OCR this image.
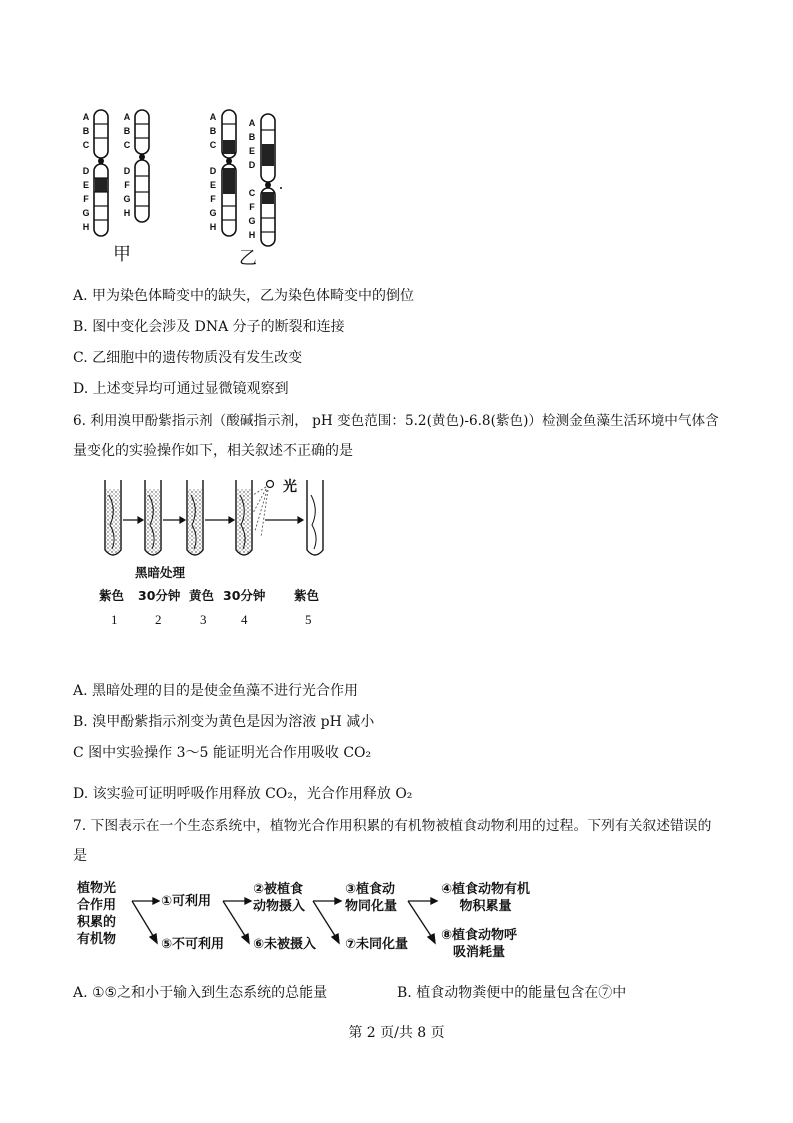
A
B
C
D
E
F
G
H
A
B
C
D
F
G
H
A
B
C
D
E
F
G
H
A
B
E
D
C
F
G
H
甲	乙
A. 甲为染色体畸变中的缺失，乙为染色体畸变中的倒位
B. 图中变化会涉及 DNA 分子的断裂和连接
C. 乙细胞中的遗传物质没有发生改变
D. 上述变异均可通过显微镜观察到
6. 利用溴甲酚紫指示剂（酸碱指示剂， pH 变色范围：5.2(黄色)-6.8(紫色)）检测金鱼藻生活环境中气体含
量变化的实验操作如下，相关叙述不正确的是
光
黑暗处理
紫色 30分钟 黄色 30分钟 紫色
1	2	3	4	5
A. 黑暗处理的目的是使金鱼藻不进行光合作用
B. 溴甲酚紫指示剂变为黄色是因为溶液 pH 减小
C 图中实验操作 3～5 能证明光合作用吸收 CO₂
D. 该实验可证明呼吸作用释放 CO₂，光合作用释放 O₂
7. 下图表示在一个生态系统中，植物光合作用积累的有机物被植食动物利用的过程。下列有关叙述错误的
是
植物光
合作用
积累的
有机物
①可利用
⑤不可利用
②被植食
动物摄入
⑥未被摄入
③植食动
物同化量
⑦未同化量
④植食动物有机
物积累量
⑧植食动物呼
吸消耗量
A. ①⑤之和小于输入到生态系统的总能量	B. 植食动物粪便中的能量包含在⑦中
第 2 页/共 8 页
